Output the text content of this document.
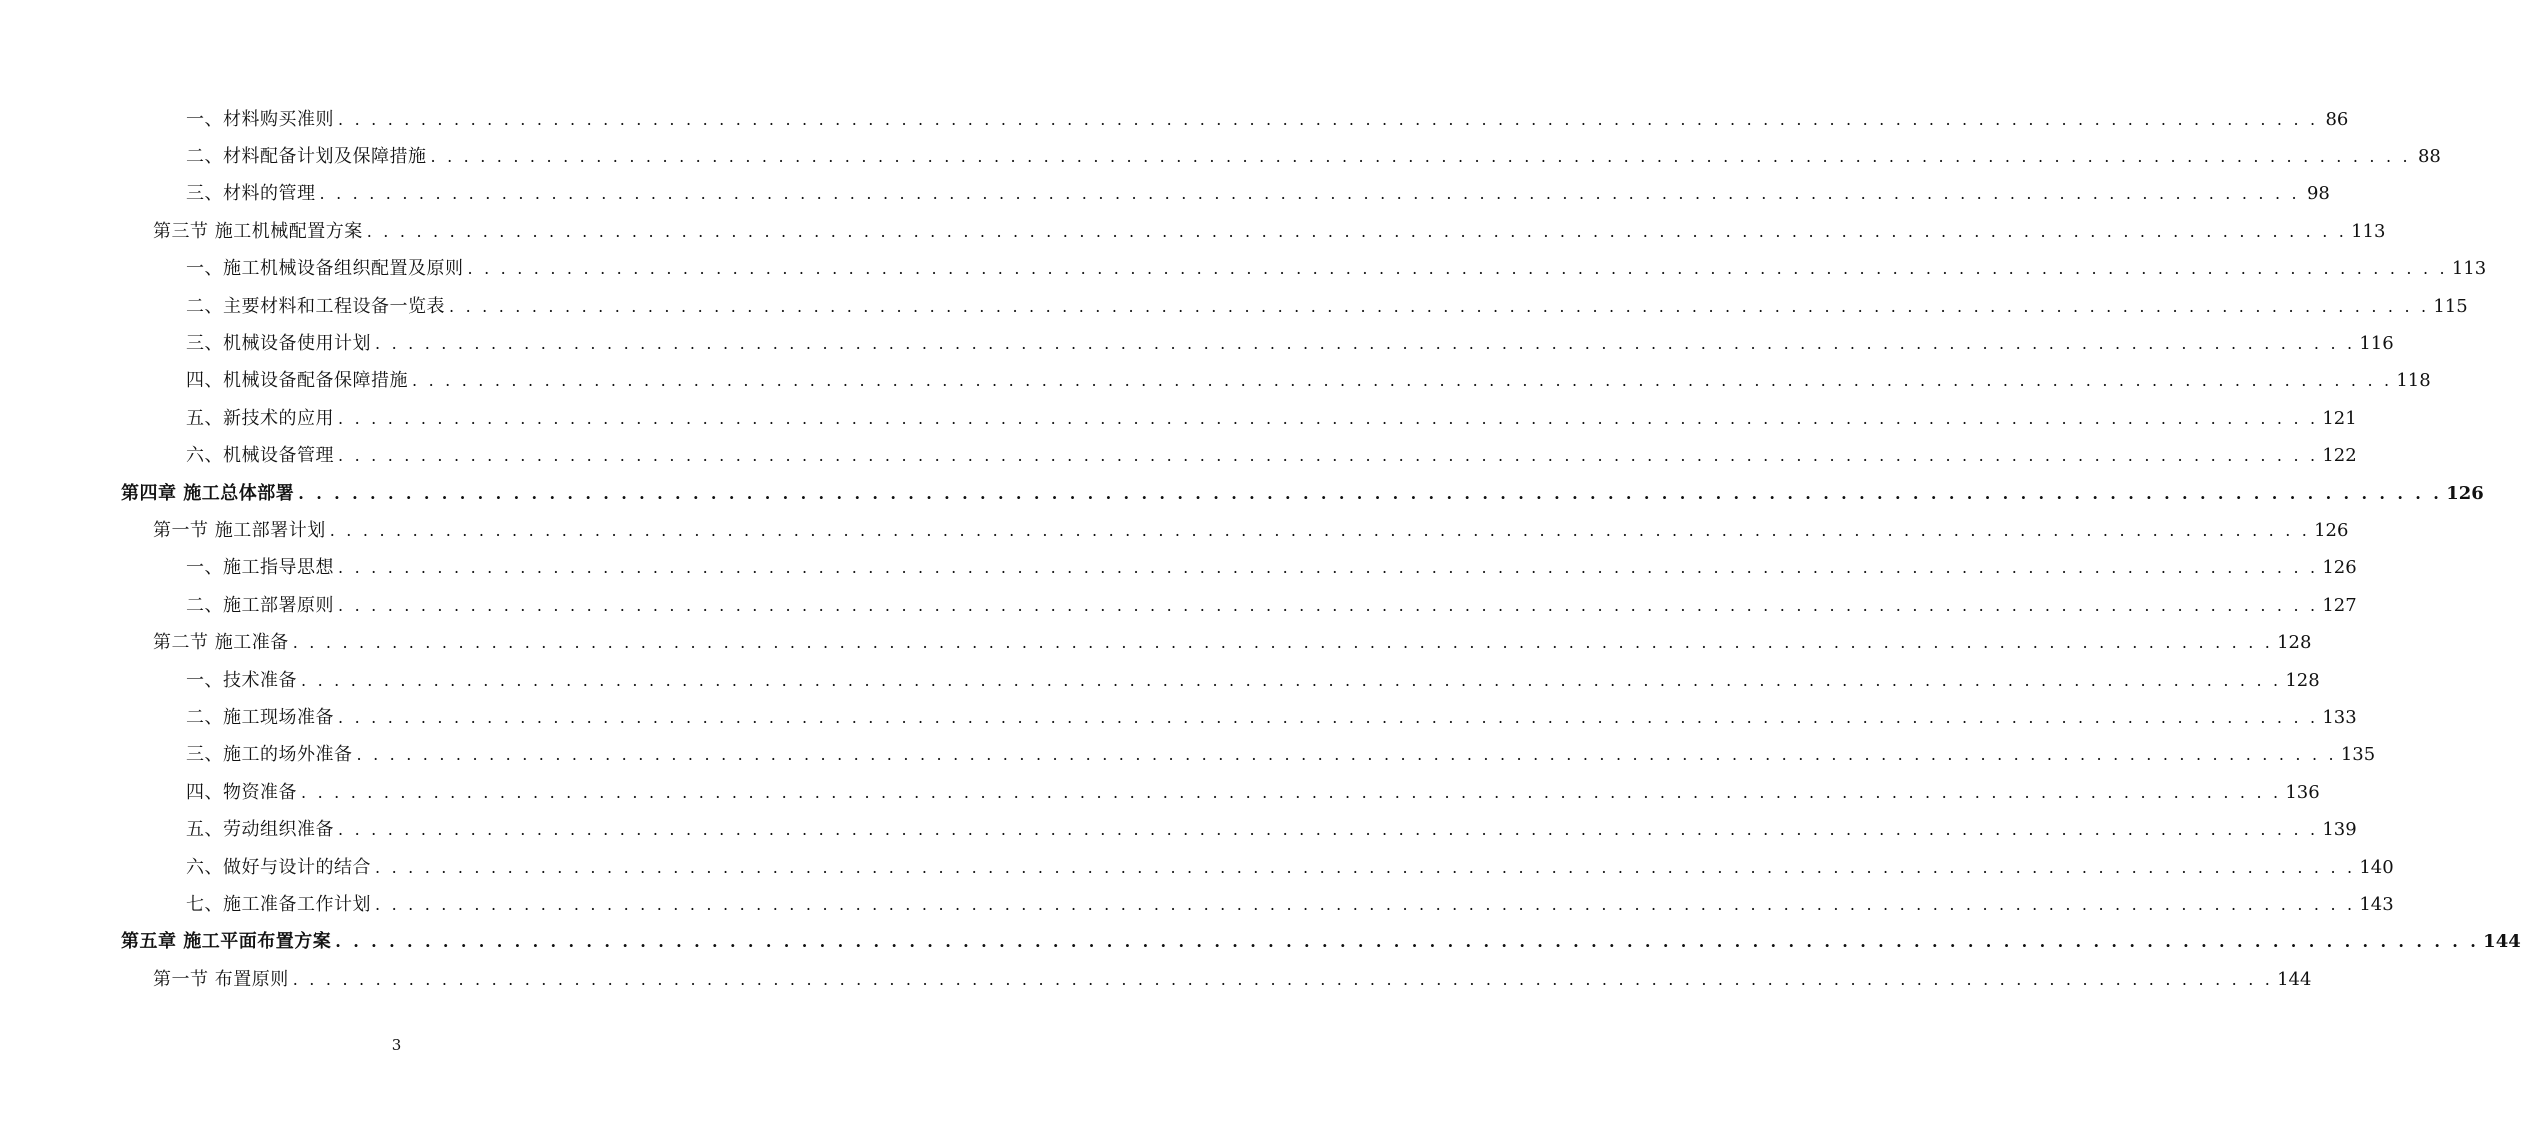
一、材料购买准则 . . . . . . . . . . . . . . . . . . . . . . . . . . . . . . . . . . . . . . . . . . . . . . . . . . . . . . . . . . . . . . . . . . . . . . . . . . . . . . . . . . . . . . . . . . . . . . . . . . . . . . . . . . . . . . . . . . . . . . . . 86
二、材料配备计划及保障措施 . . . . . . . . . . . . . . . . . . . . . . . . . . . . . . . . . . . . . . . . . . . . . . . . . . . . . . . . . . . . . . . . . . . . . . . . . . . . . . . . . . . . . . . . . . . . . . . . . . . . . . . . . . . . . . . . . . . . . . . . 88
三、材料的管理 . . . . . . . . . . . . . . . . . . . . . . . . . . . . . . . . . . . . . . . . . . . . . . . . . . . . . . . . . . . . . . . . . . . . . . . . . . . . . . . . . . . . . . . . . . . . . . . . . . . . . . . . . . . . . . . . . . . . . . . . 98
第三节 施工机械配置方案 . . . . . . . . . . . . . . . . . . . . . . . . . . . . . . . . . . . . . . . . . . . . . . . . . . . . . . . . . . . . . . . . . . . . . . . . . . . . . . . . . . . . . . . . . . . . . . . . . . . . . . . . . . . . . . . . . . . . . . . . 113
一、施工机械设备组织配置及原则 . . . . . . . . . . . . . . . . . . . . . . . . . . . . . . . . . . . . . . . . . . . . . . . . . . . . . . . . . . . . . . . . . . . . . . . . . . . . . . . . . . . . . . . . . . . . . . . . . . . . . . . . . . . . . . . . . . . . . . . . 113
二、主要材料和工程设备一览表 . . . . . . . . . . . . . . . . . . . . . . . . . . . . . . . . . . . . . . . . . . . . . . . . . . . . . . . . . . . . . . . . . . . . . . . . . . . . . . . . . . . . . . . . . . . . . . . . . . . . . . . . . . . . . . . . . . . . . . . . 115
三、机械设备使用计划 . . . . . . . . . . . . . . . . . . . . . . . . . . . . . . . . . . . . . . . . . . . . . . . . . . . . . . . . . . . . . . . . . . . . . . . . . . . . . . . . . . . . . . . . . . . . . . . . . . . . . . . . . . . . . . . . . . . . . . . . 116
四、机械设备配备保障措施 . . . . . . . . . . . . . . . . . . . . . . . . . . . . . . . . . . . . . . . . . . . . . . . . . . . . . . . . . . . . . . . . . . . . . . . . . . . . . . . . . . . . . . . . . . . . . . . . . . . . . . . . . . . . . . . . . . . . . . . . 118
五、新技术的应用 . . . . . . . . . . . . . . . . . . . . . . . . . . . . . . . . . . . . . . . . . . . . . . . . . . . . . . . . . . . . . . . . . . . . . . . . . . . . . . . . . . . . . . . . . . . . . . . . . . . . . . . . . . . . . . . . . . . . . . . . 121
六、机械设备管理 . . . . . . . . . . . . . . . . . . . . . . . . . . . . . . . . . . . . . . . . . . . . . . . . . . . . . . . . . . . . . . . . . . . . . . . . . . . . . . . . . . . . . . . . . . . . . . . . . . . . . . . . . . . . . . . . . . . . . . . . 122
第四章 施工总体部署 . . . . . . . . . . . . . . . . . . . . . . . . . . . . . . . . . . . . . . . . . . . . . . . . . . . . . . . . . . . . . . . . . . . . . . . . . . . . . . . . . . . . . . . . . . . . . . . . . . . . . . . . . . . . . . . . . . . . . . . . 126
第一节 施工部署计划 . . . . . . . . . . . . . . . . . . . . . . . . . . . . . . . . . . . . . . . . . . . . . . . . . . . . . . . . . . . . . . . . . . . . . . . . . . . . . . . . . . . . . . . . . . . . . . . . . . . . . . . . . . . . . . . . . . . . . . . . 126
一、施工指导思想 . . . . . . . . . . . . . . . . . . . . . . . . . . . . . . . . . . . . . . . . . . . . . . . . . . . . . . . . . . . . . . . . . . . . . . . . . . . . . . . . . . . . . . . . . . . . . . . . . . . . . . . . . . . . . . . . . . . . . . . . 126
二、施工部署原则 . . . . . . . . . . . . . . . . . . . . . . . . . . . . . . . . . . . . . . . . . . . . . . . . . . . . . . . . . . . . . . . . . . . . . . . . . . . . . . . . . . . . . . . . . . . . . . . . . . . . . . . . . . . . . . . . . . . . . . . . 127
第二节 施工准备 . . . . . . . . . . . . . . . . . . . . . . . . . . . . . . . . . . . . . . . . . . . . . . . . . . . . . . . . . . . . . . . . . . . . . . . . . . . . . . . . . . . . . . . . . . . . . . . . . . . . . . . . . . . . . . . . . . . . . . . . 128
一、技术准备 . . . . . . . . . . . . . . . . . . . . . . . . . . . . . . . . . . . . . . . . . . . . . . . . . . . . . . . . . . . . . . . . . . . . . . . . . . . . . . . . . . . . . . . . . . . . . . . . . . . . . . . . . . . . . . . . . . . . . . . . 128
二、施工现场准备 . . . . . . . . . . . . . . . . . . . . . . . . . . . . . . . . . . . . . . . . . . . . . . . . . . . . . . . . . . . . . . . . . . . . . . . . . . . . . . . . . . . . . . . . . . . . . . . . . . . . . . . . . . . . . . . . . . . . . . . . 133
三、施工的场外准备 . . . . . . . . . . . . . . . . . . . . . . . . . . . . . . . . . . . . . . . . . . . . . . . . . . . . . . . . . . . . . . . . . . . . . . . . . . . . . . . . . . . . . . . . . . . . . . . . . . . . . . . . . . . . . . . . . . . . . . . . 135
四、物资准备 . . . . . . . . . . . . . . . . . . . . . . . . . . . . . . . . . . . . . . . . . . . . . . . . . . . . . . . . . . . . . . . . . . . . . . . . . . . . . . . . . . . . . . . . . . . . . . . . . . . . . . . . . . . . . . . . . . . . . . . . 136
五、劳动组织准备 . . . . . . . . . . . . . . . . . . . . . . . . . . . . . . . . . . . . . . . . . . . . . . . . . . . . . . . . . . . . . . . . . . . . . . . . . . . . . . . . . . . . . . . . . . . . . . . . . . . . . . . . . . . . . . . . . . . . . . . . 139
六、做好与设计的结合 . . . . . . . . . . . . . . . . . . . . . . . . . . . . . . . . . . . . . . . . . . . . . . . . . . . . . . . . . . . . . . . . . . . . . . . . . . . . . . . . . . . . . . . . . . . . . . . . . . . . . . . . . . . . . . . . . . . . . . . . 140
七、施工准备工作计划 . . . . . . . . . . . . . . . . . . . . . . . . . . . . . . . . . . . . . . . . . . . . . . . . . . . . . . . . . . . . . . . . . . . . . . . . . . . . . . . . . . . . . . . . . . . . . . . . . . . . . . . . . . . . . . . . . . . . . . . . 143
第五章 施工平面布置方案 . . . . . . . . . . . . . . . . . . . . . . . . . . . . . . . . . . . . . . . . . . . . . . . . . . . . . . . . . . . . . . . . . . . . . . . . . . . . . . . . . . . . . . . . . . . . . . . . . . . . . . . . . . . . . . . . . . . . . . . . 144
第一节 布置原则 . . . . . . . . . . . . . . . . . . . . . . . . . . . . . . . . . . . . . . . . . . . . . . . . . . . . . . . . . . . . . . . . . . . . . . . . . . . . . . . . . . . . . . . . . . . . . . . . . . . . . . . . . . . . . . . . . . . . . . . . 144
3
